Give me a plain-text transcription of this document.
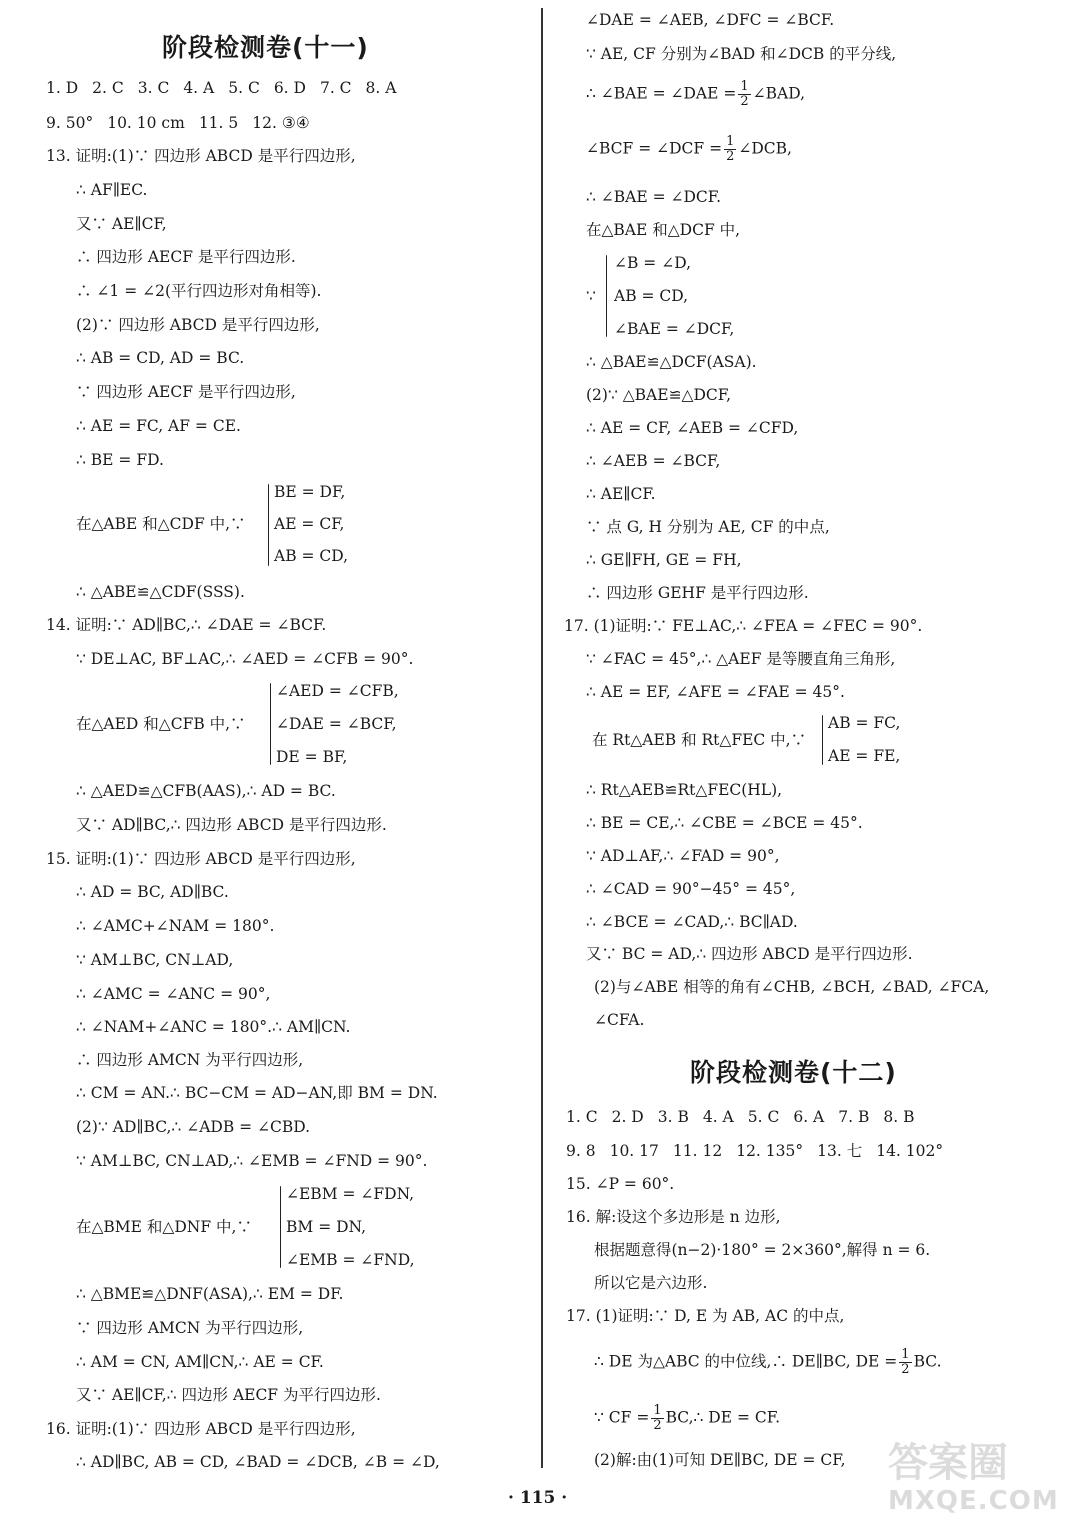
阶段检测卷(十一)
1. D 2. C 3. C 4. A 5. C 6. D 7. C 8. A
9. 50° 10. 10 cm 11. 5 12. ③④
13. 证明:(1)∵ 四边形 ABCD 是平行四边形,
∴ AF∥EC.
又∵ AE∥CF,
∴ 四边形 AECF 是平行四边形.
∴ ∠1 = ∠2(平行四边形对角相等).
(2)∵ 四边形 ABCD 是平行四边形,
∴ AB = CD, AD = BC.
∵ 四边形 AECF 是平行四边形,
∴ AE = FC, AF = CE.
∴ BE = FD.
在△ABE 和△CDF 中,∵
BE = DF,
AE = CF,
AB = CD,
∴ △ABE≌△CDF(SSS).
14. 证明:∵ AD∥BC,∴ ∠DAE = ∠BCF.
∵ DE⊥AC, BF⊥AC,∴ ∠AED = ∠CFB = 90°.
在△AED 和△CFB 中,∵
∠AED = ∠CFB,
∠DAE = ∠BCF,
DE = BF,
∴ △AED≌△CFB(AAS),∴ AD = BC.
又∵ AD∥BC,∴ 四边形 ABCD 是平行四边形.
15. 证明:(1)∵ 四边形 ABCD 是平行四边形,
∴ AD = BC, AD∥BC.
∴ ∠AMC+∠NAM = 180°.
∵ AM⊥BC, CN⊥AD,
∴ ∠AMC = ∠ANC = 90°,
∴ ∠NAM+∠ANC = 180°.∴ AM∥CN.
∴ 四边形 AMCN 为平行四边形,
∴ CM = AN.∴ BC−CM = AD−AN,即 BM = DN.
(2)∵ AD∥BC,∴ ∠ADB = ∠CBD.
∵ AM⊥BC, CN⊥AD,∴ ∠EMB = ∠FND = 90°.
在△BME 和△DNF 中,∵
∠EBM = ∠FDN,
BM = DN,
∠EMB = ∠FND,
∴ △BME≌△DNF(ASA),∴ EM = DF.
∵ 四边形 AMCN 为平行四边形,
∴ AM = CN, AM∥CN,∴ AE = CF.
又∵ AE∥CF,∴ 四边形 AECF 为平行四边形.
16. 证明:(1)∵ 四边形 ABCD 是平行四边形,
∴ AD∥BC, AB = CD, ∠BAD = ∠DCB, ∠B = ∠D,
∠DAE = ∠AEB, ∠DFC = ∠BCF.
∵ AE, CF 分别为∠BAD 和∠DCB 的平分线,
∴ ∠BAE = ∠DAE = $\frac{1}{2}$ ∠BAD,
∠BCF = ∠DCF = $\frac{1}{2}$ ∠DCB,
∴ ∠BAE = ∠DCF.
在△BAE 和△DCF 中,
∵
∠B = ∠D,
AB = CD,
∠BAE = ∠DCF,
∴ △BAE≌△DCF(ASA).
(2)∵ △BAE≌△DCF,
∴ AE = CF, ∠AEB = ∠CFD,
∴ ∠AEB = ∠BCF,
∴ AE∥CF.
∵ 点 G, H 分别为 AE, CF 的中点,
∴ GE∥FH, GE = FH,
∴ 四边形 GEHF 是平行四边形.
17. (1)证明:∵ FE⊥AC,∴ ∠FEA = ∠FEC = 90°.
∵ ∠FAC = 45°,∴ △AEF 是等腰直角三角形,
∴ AE = EF, ∠AFE = ∠FAE = 45°.
在 Rt△AEB 和 Rt△FEC 中,∵
AB = FC,
AE = FE,
∴ Rt△AEB≌Rt△FEC(HL),
∴ BE = CE,∴ ∠CBE = ∠BCE = 45°.
∵ AD⊥AF,∴ ∠FAD = 90°,
∴ ∠CAD = 90°−45° = 45°,
∴ ∠BCE = ∠CAD,∴ BC∥AD.
又∵ BC = AD,∴ 四边形 ABCD 是平行四边形.
(2)与∠ABE 相等的角有∠CHB, ∠BCH, ∠BAD, ∠FCA,
∠CFA.
阶段检测卷(十二)
1. C 2. D 3. B 4. A 5. C 6. A 7. B 8. B
9. 8 10. 17 11. 12 12. 135° 13. 七 14. 102°
15. ∠P = 60°.
16. 解:设这个多边形是 n 边形,
根据题意得(n−2)·180° = 2×360°,解得 n = 6.
所以它是六边形.
17. (1)证明:∵ D, E 为 AB, AC 的中点,
∴ DE 为△ABC 的中位线,∴ DE∥BC, DE = $\frac{1}{2}$ BC.
∵ CF = $\frac{1}{2}$ BC,∴ DE = CF.
(2)解:由(1)可知 DE∥BC, DE = CF,
· 115 ·
答案圈
MXQE.COM
